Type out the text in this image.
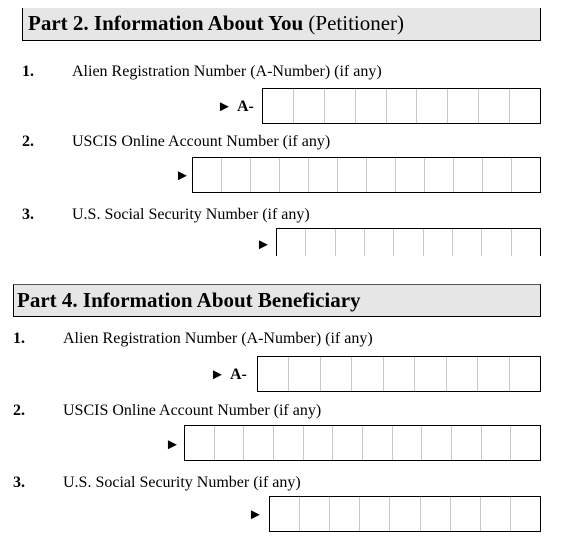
Part 2. Information About You (Petitioner)
1. Alien Registration Number (A-Number) (if any)
► A-
2. USCIS Online Account Number (if any)
►
3. U.S. Social Security Number (if any)
►
Part 4. Information About Beneficiary
1. Alien Registration Number (A-Number) (if any)
► A-
2. USCIS Online Account Number (if any)
►
3. U.S. Social Security Number (if any)
►
